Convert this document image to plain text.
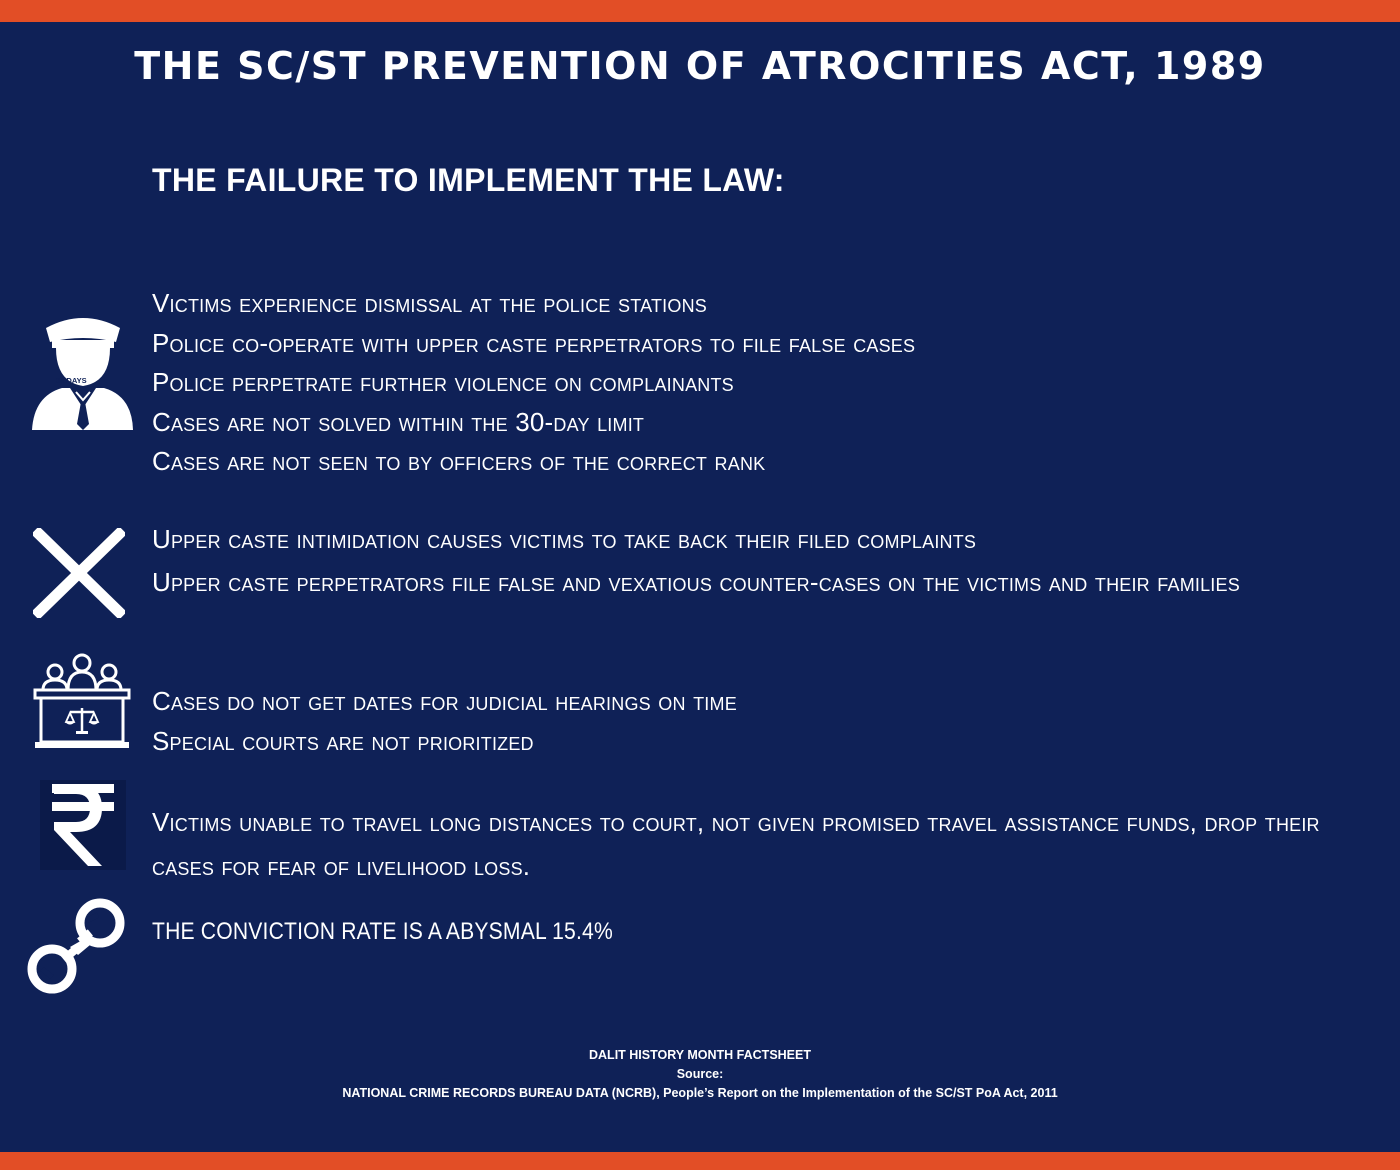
THE SC/ST PREVENTION OF ATROCITIES ACT, 1989
THE FAILURE TO IMPLEMENT THE LAW:
30 DAYS
Victims experience dismissal at the police stations
Police co-operate with upper caste perpetrators to file false cases
Police perpetrate further violence on complainants
Cases are not solved within the 30-day limit
Cases are not seen to by officers of the correct rank
Upper caste intimidation causes victims to take back their filed complaints
Upper caste perpetrators file false and vexatious counter-cases on the victims and their families
Cases do not get dates for judicial hearings on time
Special courts are not prioritized
Victims unable to travel long distances to court, not given promised travel assistance funds, drop their cases for fear of livelihood loss.
THE CONVICTION RATE IS A ABYSMAL 15.4%
DALIT HISTORY MONTH FACTSHEET
Source:
NATIONAL CRIME RECORDS BUREAU DATA (NCRB), People’s Report on the Implementation of the SC/ST PoA Act, 2011
